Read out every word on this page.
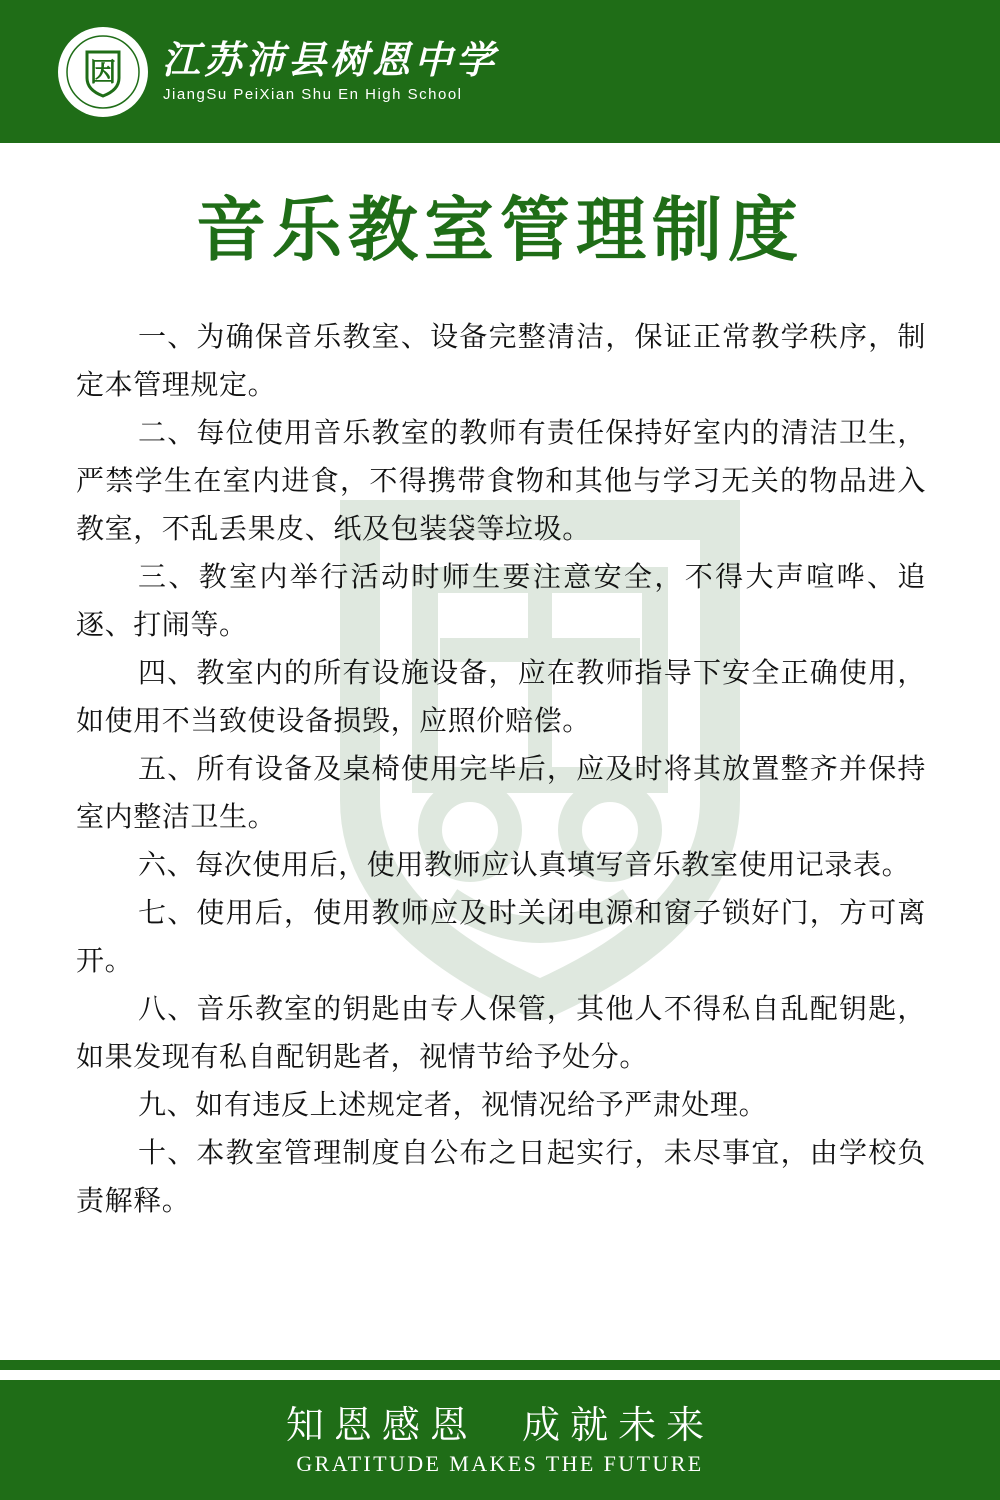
因 江苏沛县树恩中学
JiangSu PeiXian Shu En High School
音乐教室管理制度
一、为确保音乐教室、设备完整清洁，保证正常教学秩序，制定本管理规定。
二、每位使用音乐教室的教师有责任保持好室内的清洁卫生，严禁学生在室内进食，不得携带食物和其他与学习无关的物品进入教室，不乱丢果皮、纸及包装袋等垃圾。
三、教室内举行活动时师生要注意安全，不得大声喧哗、追逐、打闹等。
四、教室内的所有设施设备，应在教师指导下安全正确使用，如使用不当致使设备损毁，应照价赔偿。
五、所有设备及桌椅使用完毕后，应及时将其放置整齐并保持室内整洁卫生。
六、每次使用后，使用教师应认真填写音乐教室使用记录表。
七、使用后，使用教师应及时关闭电源和窗子锁好门，方可离开。
八、音乐教室的钥匙由专人保管，其他人不得私自乱配钥匙，如果发现有私自配钥匙者，视情节给予处分。
九、如有违反上述规定者，视情况给予严肃处理。
十、本教室管理制度自公布之日起实行，未尽事宜，由学校负责解释。
知恩感恩  成就未来
GRATITUDE MAKES THE FUTURE
